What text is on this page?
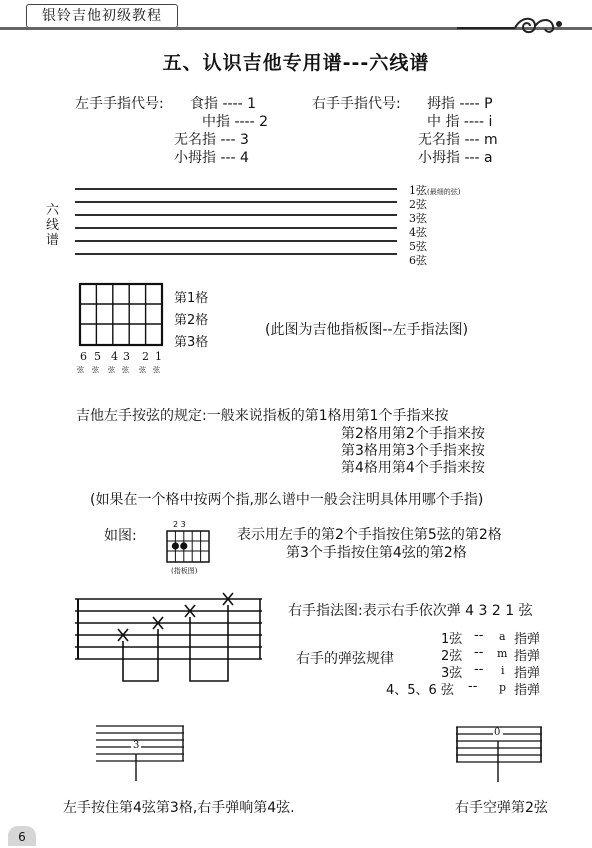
银铃吉他初级教程
五、认识吉他专用谱---六线谱
左手手指代号: 食指 ---- 1
中指 ---- 2
无名指 --- 3
小拇指 --- 4
右手手指代号: 拇指 ---- P
中 指 ---- i
无名指 --- m
小拇指 --- a
六
线
谱
1弦(最细的弦)
2弦
3弦
4弦
5弦
6弦
第1格
第2格
第3格
6 5 4 3 2 1
弦 弦 弦 弦 弦 弦
(此图为吉他指板图--左手指法图)
吉他左手按弦的规定:一般来说指板的第1格用第1个手指来按
第2格用第2个手指来按
第3格用第3个手指来按
第4格用第4个手指来按
(如果在一个格中按两个指,那么谱中一般会注明具体用哪个手指)
如图:
2 3
(指板图)
表示用左手的第2个手指按住第5弦的第2格
第3个手指按住第4弦的第2格
右手指法图:表示右手依次弹 4 3 2 1 弦
右手的弹弦规律
1弦 -- a 指弹
2弦 -- m 指弹
3弦 -- i 指弹
4、5、6 弦 -- p 指弹
3
0
左手按住第4弦第3格,右手弹响第4弦.	右手空弹第2弦
6
